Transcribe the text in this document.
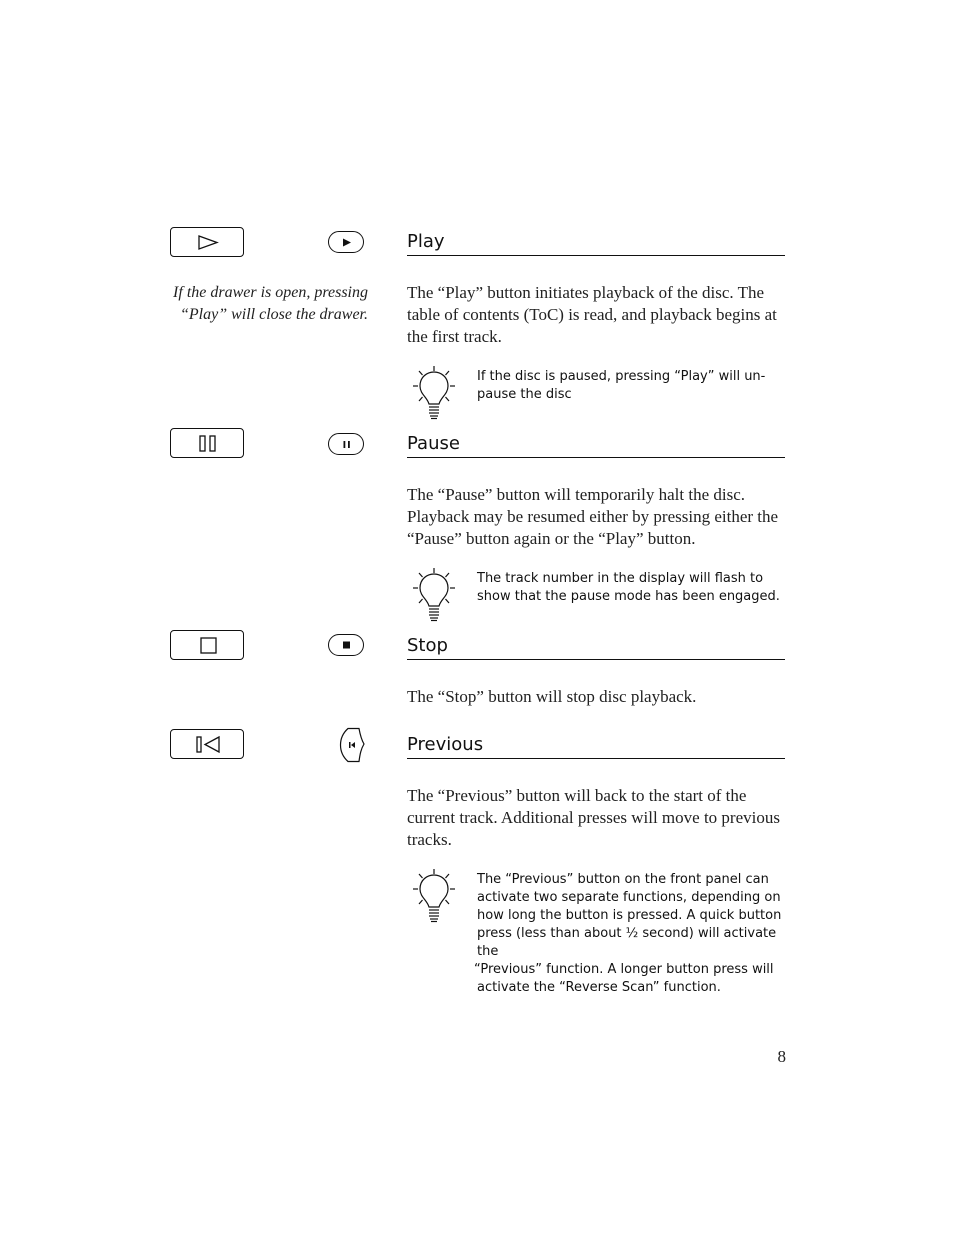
Play
If the drawer is open, pressing “Play” will close the drawer.
The “Play” button initiates playback of the disc. The table of contents (ToC) is read, and playback begins at the first track.
If the disc is paused, pressing “Play” will un-pause the disc
Pause
The “Pause” button will temporarily halt the disc. Playback may be resumed either by pressing either the “Pause” button again or the “Play” button.
The track number in the display will flash to show that the pause mode has been engaged.
Stop
The “Stop” button will stop disc playback.
Previous
The “Previous” button will back to the start of the current track. Additional presses will move to previous tracks.
The “Previous” button on the front panel can
activate two separate functions, depending on
how long the button is pressed. A quick button
press (less than about ½ second) will activate the
“Previous” function. A longer button press will
activate the “Reverse Scan” function.
8
